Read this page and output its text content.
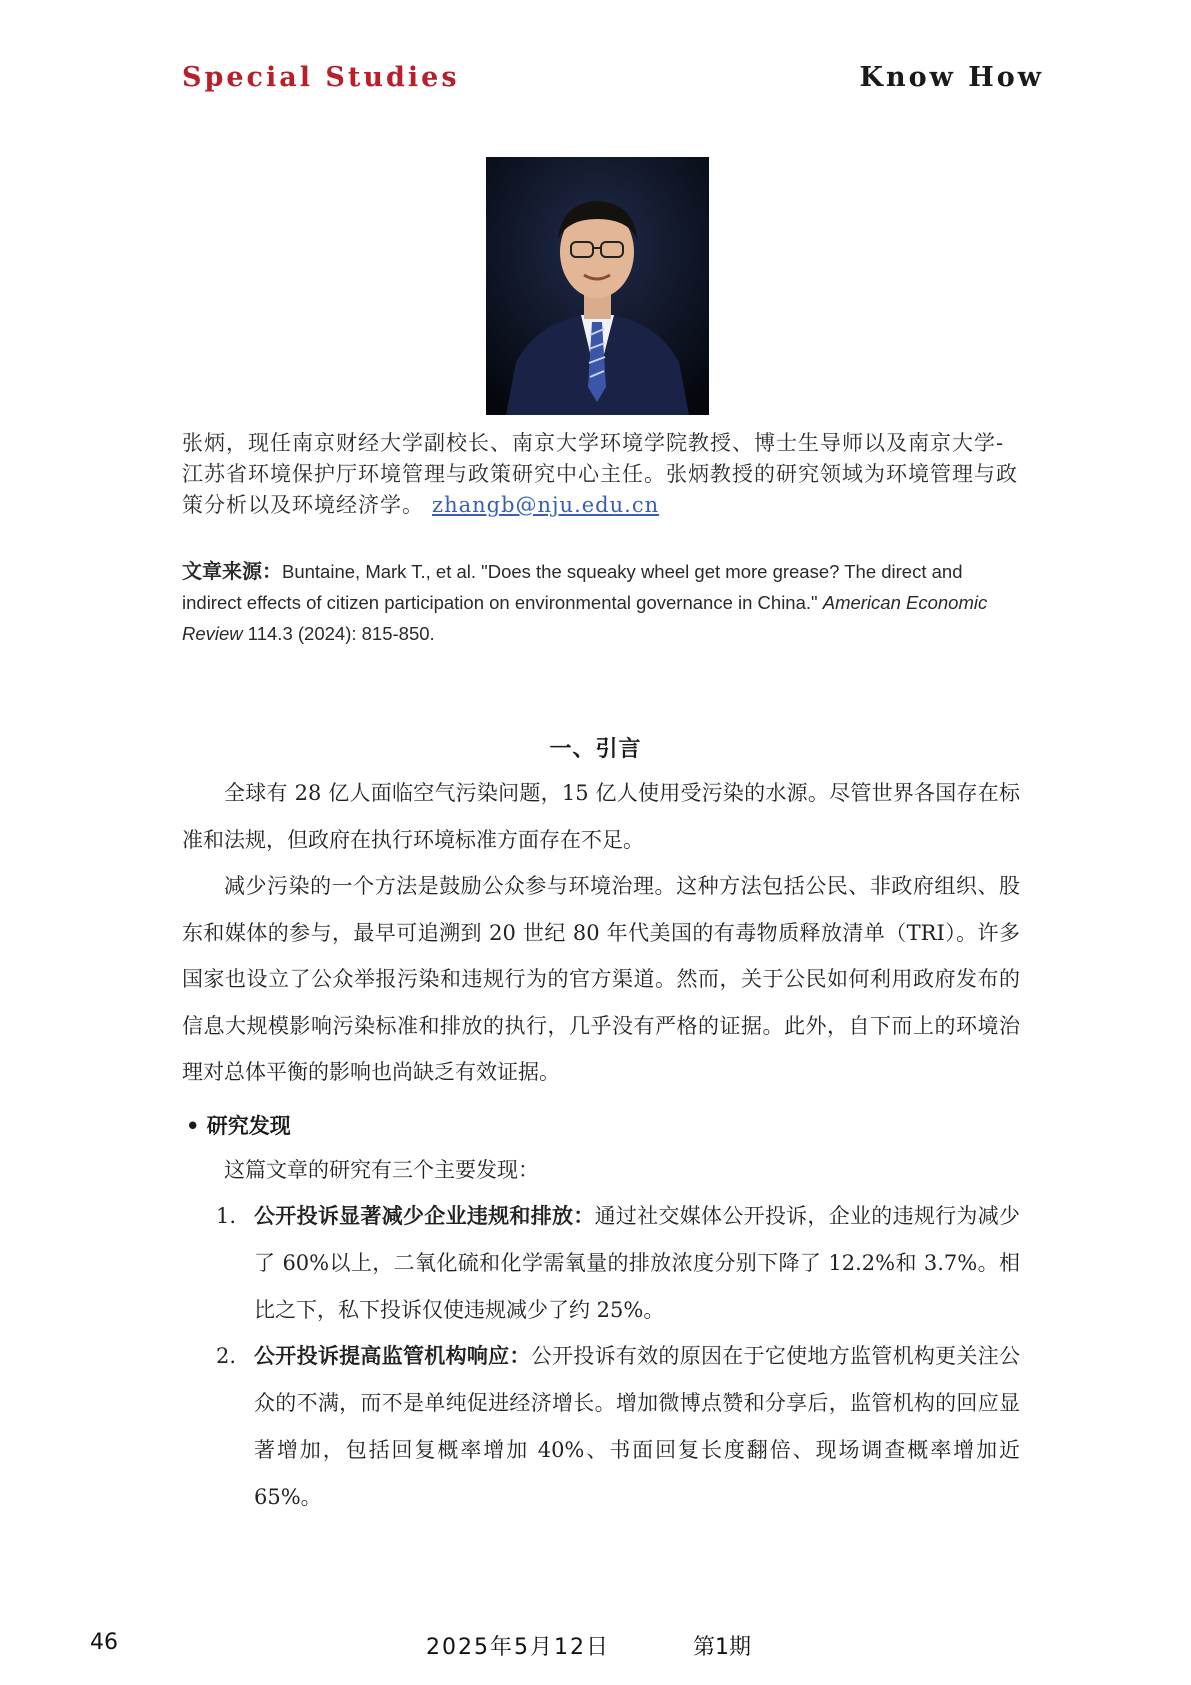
Special Studies	Know How
张炳，现任南京财经大学副校长、南京大学环境学院教授、博士生导师以及南京大学-江苏省环境保护厅环境管理与政策研究中心主任。张炳教授的研究领域为环境管理与政策分析以及环境经济学。 zhangb@nju.edu.cn
文章来源：Buntaine, Mark T., et al. "Does the squeaky wheel get more grease? The direct and indirect effects of citizen participation on environmental governance in China." American Economic Review 114.3 (2024): 815-850.
一、引言

全球有 28 亿人面临空气污染问题，15 亿人使用受污染的水源。尽管世界各国存在标准和法规，但政府在执行环境标准方面存在不足。

减少污染的一个方法是鼓励公众参与环境治理。这种方法包括公民、非政府组织、股东和媒体的参与，最早可追溯到 20 世纪 80 年代美国的有毒物质释放清单（TRI）。许多国家也设立了公众举报污染和违规行为的官方渠道。然而，关于公民如何利用政府发布的信息大规模影响污染标准和排放的执行，几乎没有严格的证据。此外，自下而上的环境治理对总体平衡的影响也尚缺乏有效证据。

• 研究发现
这篇文章的研究有三个主要发现：
1. 公开投诉显著减少企业违规和排放：通过社交媒体公开投诉，企业的违规行为减少了 60%以上，二氧化硫和化学需氧量的排放浓度分别下降了 12.2%和 3.7%。相比之下，私下投诉仅使违规减少了约 25%。
2. 公开投诉提高监管机构响应：公开投诉有效的原因在于它使地方监管机构更关注公众的不满，而不是单纯促进经济增长。增加微博点赞和分享后，监管机构的回应显著增加，包括回复概率增加 40%、书面回复长度翻倍、现场调查概率增加近 65%。
46	2025年5月12日	第1期
